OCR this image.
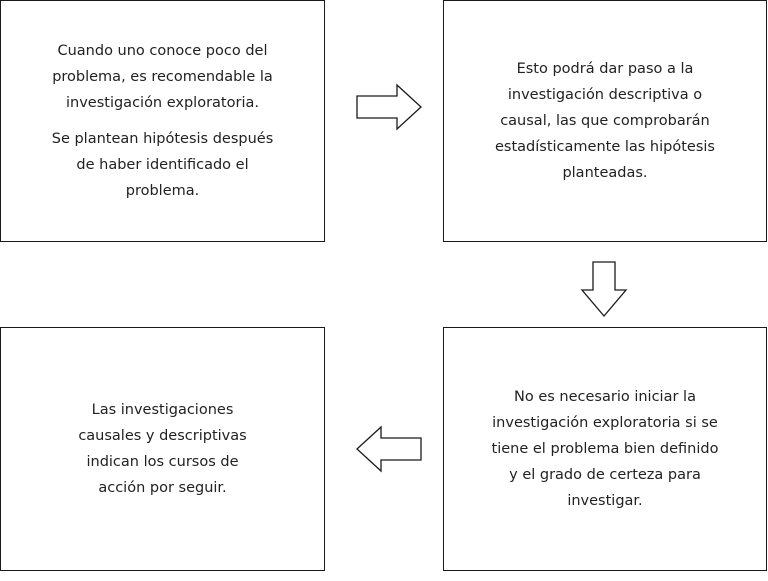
Cuando uno conoce poco del
problema, es recomendable la
investigación exploratoria.

Se plantean hipótesis después
de haber identificado el
problema.

Esto podrá dar paso a la
investigación descriptiva o
causal, las que comprobarán
estadísticamente las hipótesis
planteadas.

No es necesario iniciar la
investigación exploratoria si se
tiene el problema bien definido
y el grado de certeza para
investigar.

Las investigaciones
causales y descriptivas
indican los cursos de
acción por seguir.
